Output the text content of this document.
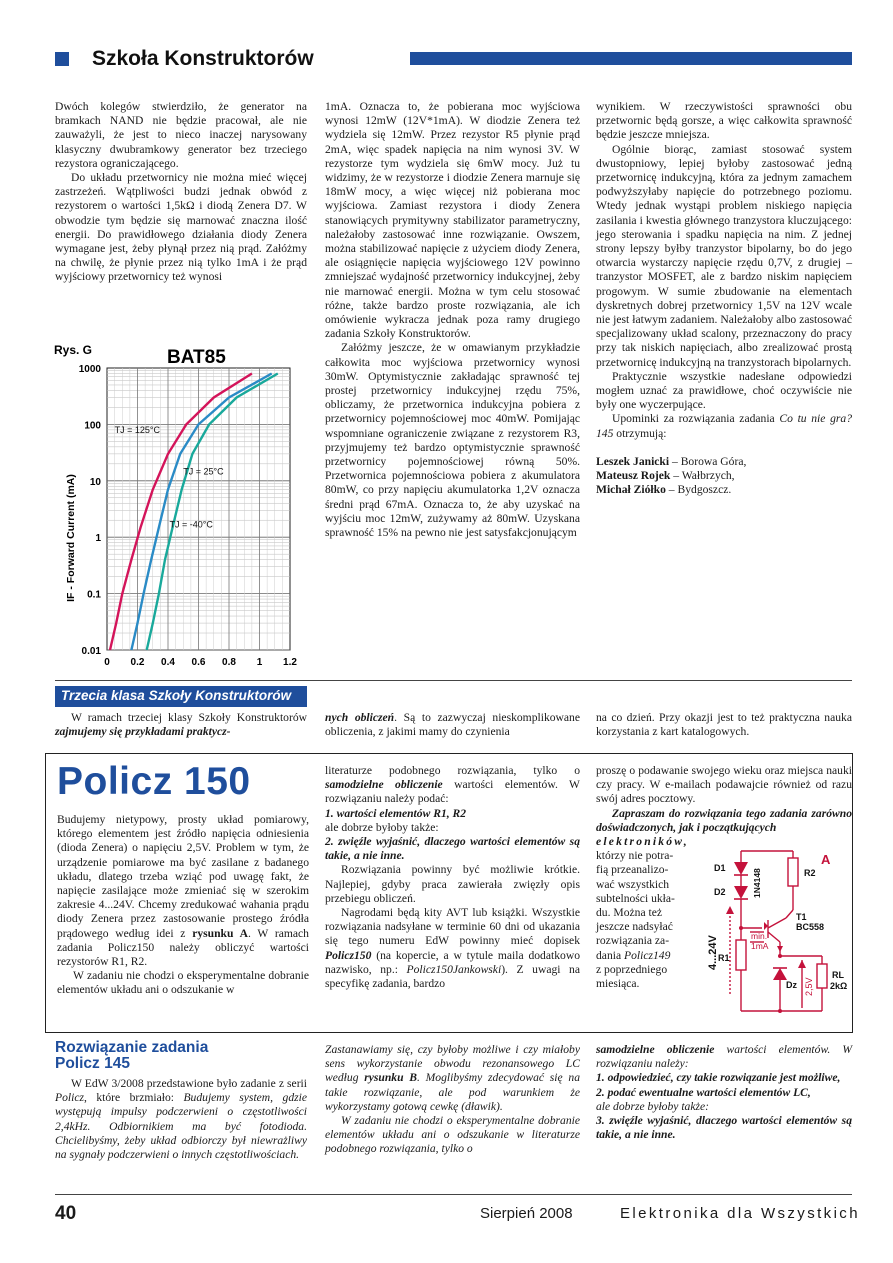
Szkoła Konstruktorów

Dwóch kolegów stwierdziło, że generator na bramkach NAND nie będzie pracował, ale nie zauważyli, że jest to nieco inaczej narysowany klasyczny dwubramkowy generator bez trzeciego rezystora ograniczającego.

Do układu przetwornicy nie można mieć więcej zastrzeżeń. Wątpliwości budzi jednak obwód z rezystorem o wartości 1,5kΩ i diodą Zenera D7. W obwodzie tym będzie się marnować znaczna ilość energii. Do prawidłowego działania diody Zenera wymagane jest, żeby płynął przez nią prąd. Załóżmy na chwilę, że płynie przez nią tylko 1mA i że prąd wyjściowy przetwornicy też wynosi

Rys. G	BAT85
IF - Forward Current (mA)
0.01
0.1
1
10
100
1000
0 0.2 0.4 0.6 0.8 1 1.2
TJ = 125°C
TJ = 25°C
TJ = -40°C

1mA. Oznacza to, że pobierana moc wyjściowa wynosi 12mW (12V*1mA). W diodzie Zenera też wydziela się 12mW. Przez rezystor R5 płynie prąd 2mA, więc spadek napięcia na nim wynosi 3V. W rezystorze tym wydziela się 6mW mocy. Już tu widzimy, że w rezystorze i diodzie Zenera marnuje się 18mW mocy, a więc więcej niż pobierana moc wyjściowa. Zamiast rezystora i diody Zenera stanowiących prymitywny stabilizator parametryczny, należałoby zastosować inne rozwiązanie. Owszem, można stabilizować napięcie z użyciem diody Zenera, ale osiągnięcie napięcia wyjściowego 12V powinno zmniejszać wydajność przetwornicy indukcyjnej, żeby nie marnować energii. Można w tym celu stosować różne, także bardzo proste rozwiązania, ale ich omówienie wykracza jednak poza ramy drugiego zadania Szkoły Konstruktorów.

Załóżmy jeszcze, że w omawianym przykładzie całkowita moc wyjściowa przetwornicy wynosi 30mW. Optymistycznie zakładając sprawność tej prostej przetwornicy indukcyjnej rzędu 75%, obliczamy, że przetwornica indukcyjna pobiera z przetwornicy pojemnościowej moc 40mW. Pomijając wspomniane ograniczenie związane z rezystorem R3, przyjmujemy też bardzo optymistycznie sprawność przetwornicy pojemnościowej równą 50%. Przetwornica pojemnościowa pobiera z akumulatora 80mW, co przy napięciu akumulatorka 1,2V oznacza średni prąd 67mA. Oznacza to, że aby uzyskać na wyjściu moc 12mW, zużywamy aż 80mW. Uzyskana sprawność 15% na pewno nie jest satysfakcjonującym

wynikiem. W rzeczywistości sprawności obu przetwornic będą gorsze, a więc całkowita sprawność będzie jeszcze mniejsza.

Ogólnie biorąc, zamiast stosować system dwustopniowy, lepiej byłoby zastosować jedną przetwornicę indukcyjną, która za jednym zamachem podwyższyłaby napięcie do potrzebnego poziomu. Wtedy jednak wystąpi problem niskiego napięcia zasilania i kwestia głównego tranzystora kluczującego: jego sterowania i spadku napięcia na nim. Z jednej strony lepszy byłby tranzystor bipolarny, bo do jego otwarcia wystarczy napięcie rzędu 0,7V, z drugiej – tranzystor MOSFET, ale z bardzo niskim napięciem progowym. W sumie zbudowanie na elementach dyskretnych dobrej przetwornicy 1,5V na 12V wcale nie jest łatwym zadaniem. Należałoby albo zastosować specjalizowany układ scalony, przeznaczony do pracy przy tak niskich napięciach, albo zrealizować prostą przetwornicę indukcyjną na tranzystorach bipolarnych.

Praktycznie wszystkie nadesłane odpowiedzi mogłem uznać za prawidłowe, choć oczywiście nie były one wyczerpujące.

Upominki za rozwiązania zadania Co tu nie gra? 145 otrzymują:

Leszek Janicki – Borowa Góra,

Mateusz Rojek – Wałbrzych,

Michał Ziółko – Bydgoszcz.

Trzecia klasa Szkoły Konstruktorów

W ramach trzeciej klasy Szkoły Konstruktorów zajmujemy się przykładami praktycz-

nych obliczeń. Są to zazwyczaj nieskomplikowane obliczenia, z jakimi mamy do czynienia

na co dzień. Przy okazji jest to też praktyczna nauka korzystania z kart katalogowych.

Policz 150

Budujemy nietypowy, prosty układ pomiarowy, którego elementem jest źródło napięcia odniesienia (dioda Zenera) o napięciu 2,5V. Problem w tym, że urządzenie pomiarowe ma być zasilane z badanego układu, dlatego trzeba wziąć pod uwagę fakt, że napięcie zasilające może zmieniać się w szerokim zakresie 4...24V. Chcemy zredukować wahania prądu diody Zenera przez zastosowanie prostego źródła prądowego według idei z rysunku A. W ramach zadania Policz150 należy obliczyć wartości rezystorów R1, R2.

W zadaniu nie chodzi o eksperymentalne dobranie elementów układu ani o odszukanie w

literaturze podobnego rozwiązania, tylko o samodzielne obliczenie wartości elementów. W rozwiązaniu należy podać:

1. wartości elementów R1, R2

ale dobrze byłoby także:

2. zwięźle wyjaśnić, dlaczego wartości elementów są takie, a nie inne.

Rozwiązania powinny być możliwie krótkie. Najlepiej, gdyby praca zawierała zwięzły opis przebiegu obliczeń.

Nagrodami będą kity AVT lub książki. Wszystkie rozwiązania nadsyłane w terminie 60 dni od ukazania się tego numeru EdW powinny mieć dopisek Policz150 (na kopercie, a w tytule maila dodatkowo nazwisko, np.: Policz150Jankowski). Z uwagi na specyfikę zadania, bardzo

proszę o podawanie swojego wieku oraz miejsca nauki czy pracy. W e-mailach podawajcie również od razu swój adres pocztowy.

Zapraszam do rozwiązania tego zadania zarówno doświadczonych, jak i początkujących

elektroników,

którzy nie potra-

fią przeanalizo-

wać wszystkich

subtelności ukła-

du. Można też

jeszcze nadsyłać

rozwiązania za-

dania Policz149

z poprzedniego

miesiąca.

A
D1
D2	1N4148	R2
T1
BC558
R1
Dz
4...24V	min.
1mA
2,5V
RL
2kΩ
Rozwiązanie zadania
Policz 145

W EdW 3/2008 przedstawione było zadanie z serii Policz, które brzmiało: Budujemy system, gdzie występują impulsy podczerwieni o częstotliwości 2,4kHz. Odbiornikiem ma być fotodioda. Chcielibyśmy, żeby układ odbiorczy był niewrażliwy na sygnały podczerwieni o innych częstotliwościach.

Zastanawiamy się, czy byłoby możliwe i czy miałoby sens wykorzystanie obwodu rezonansowego LC według rysunku B. Moglibyśmy zdecydować się na takie rozwiązanie, ale pod warunkiem że wykorzystamy gotową cewkę (dławik).

W zadaniu nie chodzi o eksperymentalne dobranie elementów układu ani o odszukanie w literaturze podobnego rozwiązania, tylko o

samodzielne obliczenie wartości elementów. W rozwiązaniu należy:

1. odpowiedzieć, czy takie rozwiązanie jest możliwe,

2. podać ewentualne wartości elementów LC,

ale dobrze byłoby także:

3. zwięźle wyjaśnić, dlaczego wartości elementów są takie, a nie inne.

40	Sierpień 2008	Elektronika dla Wszystkich
